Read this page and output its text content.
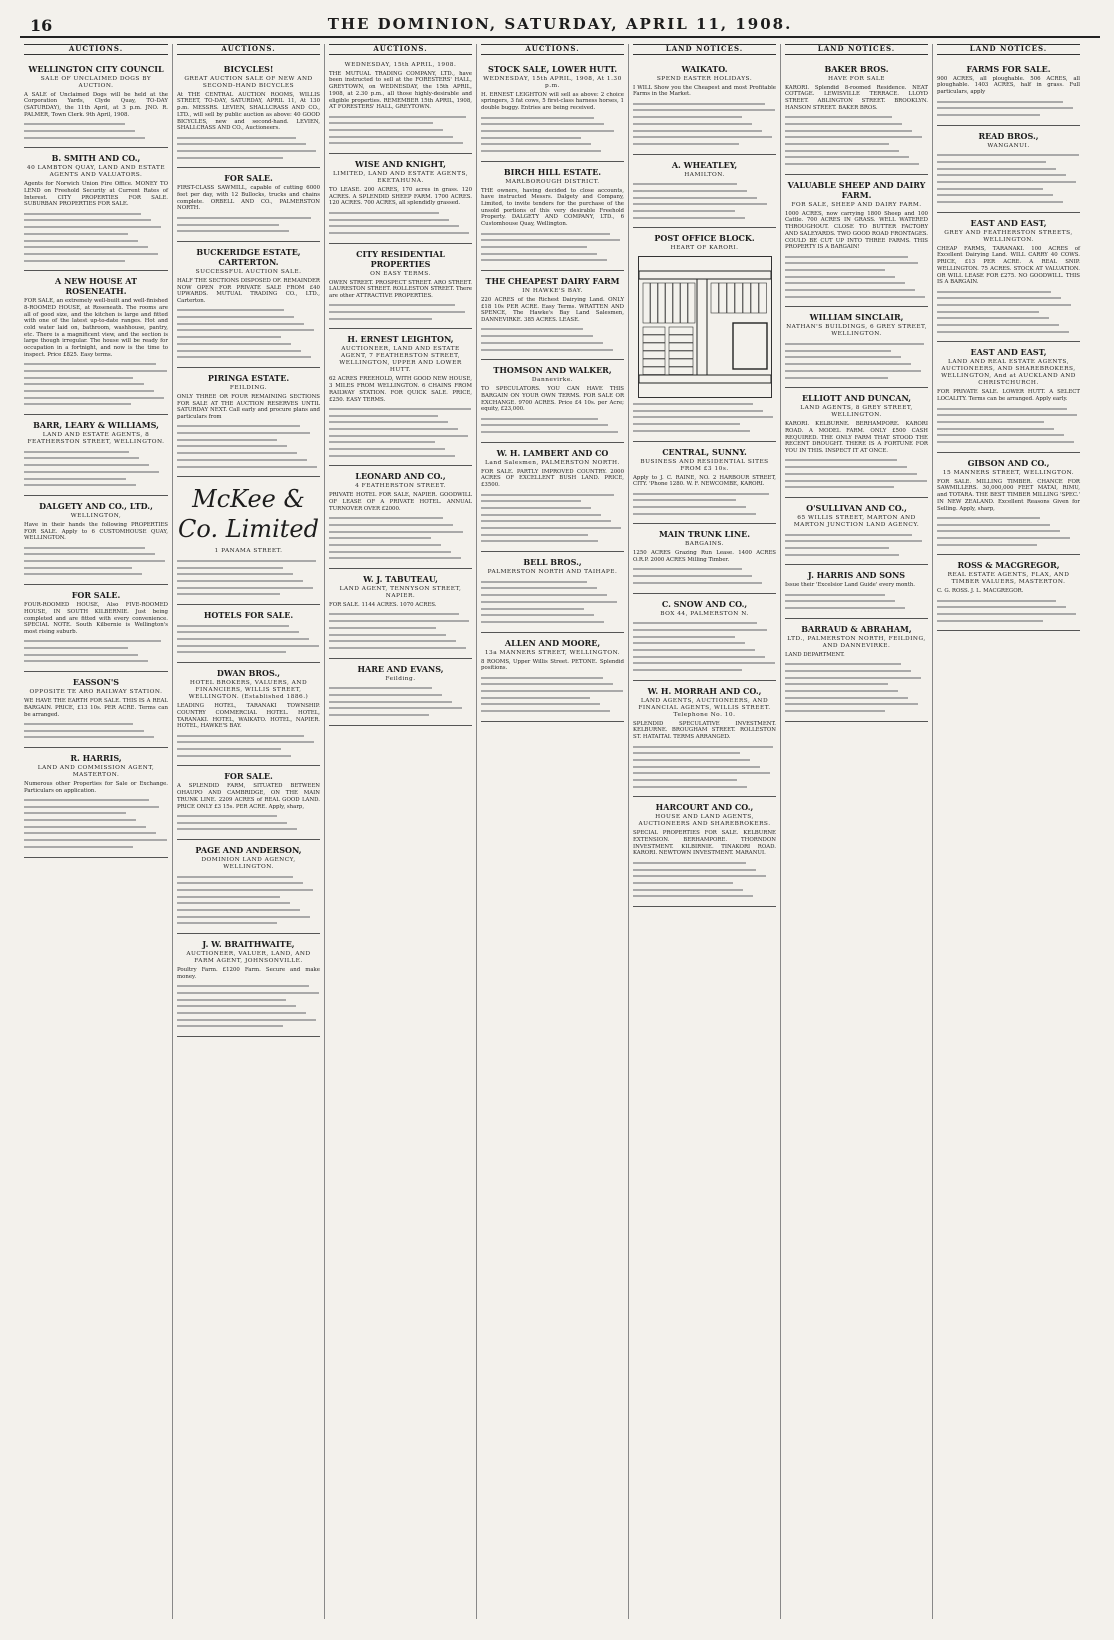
16	THE DOMINION, SATURDAY, APRIL 11, 1908.
AUCTIONS.
WELLINGTON CITY COUNCIL
SALE OF UNCLAIMED DOGS BY AUCTION.
A SALE of Unclaimed Dogs will be held at the Corporation Yards, Clyde Quay, TO-DAY (SATURDAY), the 11th April, at 3 p.m. JNO. R. PALMER, Town Clerk. 9th April, 1908.
B. SMITH AND CO.,
40 LAMBTON QUAY, LAND AND ESTATE AGENTS AND VALUATORS.
Agents for Norwich Union Fire Office. MONEY TO LEND on Freehold Security at Current Rates of Interest. CITY PROPERTIES FOR SALE. SUBURBAN PROPERTIES FOR SALE.
A NEW HOUSE AT ROSENEATH.
FOR SALE, an extremely well-built and well-finished 8-ROOMED HOUSE, at Roseneath. The rooms are all of good size, and the kitchen is large and fitted with one of the latest up-to-date ranges. Hot and cold water laid on, bathroom, washhouse, pantry, etc. There is a magnificent view, and the section is large though irregular. The house will be ready for occupation in a fortnight, and now is the time to inspect. Price £825. Easy terms.
BARR, LEARY & WILLIAMS,
LAND AND ESTATE AGENTS, 8 FEATHERSTON STREET, WELLINGTON.
DALGETY AND CO., LTD.,
WELLINGTON,
Have in their hands the following PROPERTIES FOR SALE. Apply to 6 CUSTOMHOUSE QUAY, WELLINGTON.
FOR SALE.
FOUR-ROOMED HOUSE, Also FIVE-ROOMED HOUSE, IN SOUTH KILBERNIE. Just being completed and are fitted with every convenience. SPECIAL NOTE. South Kilbernie is Wellington's most rising suburb.
EASSON'S
OPPOSITE TE ARO RAILWAY STATION.
WE HAVE THE EARTH FOR SALE. THIS IS A REAL BARGAIN. PRICE, £13 10s. PER ACRE. Terms can be arranged.
R. HARRIS,
LAND AND COMMISSION AGENT, MASTERTON.
Numerous other Properties for Sale or Exchange. Particulars on application.
AUCTIONS.
BICYCLES!
GREAT AUCTION SALE OF NEW AND SECOND-HAND BICYCLES
At THE CENTRAL AUCTION ROOMS, WILLIS STREET, TO-DAY, SATURDAY, APRIL 11, At 130 p.m. MESSRS. LEVIEN, SHALLCRASS AND CO., LTD., will sell by public auction as above: 40 GOOD BICYCLES, new and second-hand. LEVIEN, SHALLCRASS AND CO., Auctioneers.
FOR SALE.
FIRST-CLASS SAWMILL, capable of cutting 6000 feet per day, with 12 Bullocks, trucks and chains complete. ORBELL AND CO., PALMERSTON NORTH.
BUCKERIDGE ESTATE, CARTERTON.
SUCCESSFUL AUCTION SALE.
HALF THE SECTIONS DISPOSED OF. REMAINDER NOW OPEN FOR PRIVATE SALE FROM £40 UPWARDS. MUTUAL TRADING CO., LTD., Carterton.
PIRINGA ESTATE.
FEILDING.
ONLY THREE OR FOUR REMAINING SECTIONS FOR SALE AT THE AUCTION RESERVES UNTIL SATURDAY NEXT. Call early and procure plans and particulars from
McKee & Co. Limited
1 PANAMA STREET.
HOTELS FOR SALE.
DWAN BROS.,
HOTEL BROKERS, VALUERS, AND FINANCIERS, WILLIS STREET, WELLINGTON. (Established 1886.)
LEADING HOTEL, TARANAKI TOWNSHIP. COUNTRY COMMERCIAL HOTEL. HOTEL, TARANAKI. HOTEL, WAIKATO. HOTEL, NAPIER. HOTEL, HAWKE'S BAY.
FOR SALE.
A SPLENDID FARM, SITUATED BETWEEN OHAUPO AND CAMBRIDGE, ON THE MAIN TRUNK LINE. 2209 ACRES of REAL GOOD LAND. PRICE ONLY £3 15s. PER ACRE. Apply, sharp,
PAGE AND ANDERSON,
DOMINION LAND AGENCY, WELLINGTON.
J. W. BRAITHWAITE,
AUCTIONEER, VALUER, LAND, AND FARM AGENT, JOHNSONVILLE.
Poultry Farm. £1200 Farm. Secure and make money.
AUCTIONS.
WEDNESDAY, 15th APRIL, 1908.
THE MUTUAL TRADING COMPANY, LTD., have been instructed to sell at the FORESTERS' HALL, GREYTOWN, on WEDNESDAY, the 15th APRIL, 1908, at 2.30 p.m., all those highly-desirable and eligible properties. REMEMBER 15th APRIL, 1908, AT FORESTERS' HALL, GREYTOWN.
WISE AND KNIGHT,
LIMITED, LAND AND ESTATE AGENTS, EKETAHUNA.
TO LEASE. 200 ACRES, 170 acres in grass. 120 ACRES. A SPLENDID SHEEP FARM. 1700 ACRES. 120 ACRES. 700 ACRES, all splendidly grassed.
CITY RESIDENTIAL PROPERTIES
ON EASY TERMS.
OWEN STREET. PROSPECT STREET. ARO STREET. LAURESTON STREET. ROLLESTON STREET. There are other ATTRACTIVE PROPERTIES.
H. ERNEST LEIGHTON,
AUCTIONEER, LAND AND ESTATE AGENT, 7 FEATHERSTON STREET, WELLINGTON, UPPER AND LOWER HUTT.
62 ACRES FREEHOLD, WITH GOOD NEW HOUSE, 3 MILES FROM WELLINGTON. 6 CHAINS FROM RAILWAY STATION. FOR QUICK SALE. PRICE, £250. EASY TERMS.
LEONARD AND CO.,
4 FEATHERSTON STREET.
PRIVATE HOTEL FOR SALE, NAPIER. GOODWILL OF LEASE OF A PRIVATE HOTEL. ANNUAL TURNOVER OVER £2000.
W. J. TABUTEAU,
LAND AGENT, TENNYSON STREET, NAPIER.
FOR SALE. 1144 ACRES. 1070 ACRES.
HARE AND EVANS,
Feilding.
AUCTIONS.
STOCK SALE, LOWER HUTT.
WEDNESDAY, 15th APRIL, 1908, At 1.30 p.m.
H. ERNEST LEIGHTON will sell as above: 2 choice springers, 3 fat cows, 5 first-class harness horses, 1 double buggy. Entries are being received.
BIRCH HILL ESTATE.
MARLBOROUGH DISTRICT.
THE owners, having decided to close accounts, have instructed Messrs. Dalgety and Company, Limited, to invite tenders for the purchase of the unsold portions of this very desirable Freehold Property. DALGETY AND COMPANY, LTD., 6 Customhouse Quay, Wellington.
THE CHEAPEST DAIRY FARM
IN HAWKE'S BAY.
220 ACRES of the Richest Dairying Land. ONLY £18 10s PER ACRE. Easy Terms. WRATTEN AND SPENCE, The Hawke's Bay Land Salesmen, DANNEVIRKE. 385 ACRES. LEASE.
THOMSON AND WALKER,
Dannevirke.
TO SPECULATORS. YOU CAN HAVE THIS BARGAIN ON YOUR OWN TERMS. FOR SALE OR EXCHANGE. 9700 ACRES. Price £4 10s. per Acre; equity, £23,000.
W. H. LAMBERT AND CO
Land Salesmen, PALMERSTON NORTH.
FOR SALE. PARTLY IMPROVED COUNTRY. 2000 ACRES OF EXCELLENT BUSH LAND. PRICE, £3500.
BELL BROS.,
PALMERSTON NORTH AND TAIHAPE.
ALLEN AND MOORE,
13a MANNERS STREET, WELLINGTON.
8 ROOMS, Upper Willis Street. PETONE. Splendid positions.
LAND NOTICES.
WAIKATO.
SPEND EASTER HOLIDAYS.
I WILL Show you the Cheapest and most Profitable Farms in the Market.
A. WHEATLEY,
HAMILTON.
POST OFFICE BLOCK.
HEART OF KARORI.
CENTRAL, SUNNY.
BUSINESS AND RESIDENTIAL SITES FROM £3 10s.
Apply to J. C. RAINE, NO. 2 HARBOUR STREET, CITY. 'Phone 1280. W. F. NEWCOMBE, KARORI.
MAIN TRUNK LINE.
BARGAINS.
1250 ACRES Grazing Run Lease. 1400 ACRES O.R.P. 2000 ACRES Milling Timber.
C. SNOW AND CO.,
BOX 44, PALMERSTON N.
W. H. MORRAH AND CO.,
LAND AGENTS, AUCTIONEERS, AND FINANCIAL AGENTS, WILLIS STREET. Telephone No. 10.
SPLENDID SPECULATIVE INVESTMENT. KELBURNE. BROUGHAM STREET. ROLLESTON ST. HATAITAI. TERMS ARRANGED.
HARCOURT AND CO.,
HOUSE AND LAND AGENTS, AUCTIONEERS AND SHAREBROKERS.
SPECIAL PROPERTIES FOR SALE. KELBURNE EXTENSION. BERHAMPORE. THORNDON INVESTMENT. KILBIRNIE. TINAKORI ROAD. KARORI. NEWTOWN INVESTMENT. MARANUI.
LAND NOTICES.
BAKER BROS.
HAVE FOR SALE
KARORI. Splendid 8-roomed Residence. NEAT COTTAGE. LEWISVILLE TERRACE. LLOYD STREET. ABLINGTON STREET. BROOKLYN. HANSON STREET. BAKER BROS.
VALUABLE SHEEP AND DAIRY FARM.
FOR SALE, SHEEP AND DAIRY FARM.
1000 ACRES, now carrying 1800 Sheep and 100 Cattle. 700 ACRES IN GRASS. WELL WATERED THROUGHOUT. CLOSE TO BUTTER FACTORY AND SALEYARDS. TWO GOOD ROAD FRONTAGES. COULD BE CUT UP INTO THREE FARMS. THIS PROPERTY IS A BARGAIN!
WILLIAM SINCLAIR,
NATHAN'S BUILDINGS, 6 GREY STREET, WELLINGTON.
ELLIOTT AND DUNCAN,
LAND AGENTS, 8 GREY STREET, WELLINGTON.
KARORI. KELBURNE. BERHAMPORE. KARORI ROAD. A MODEL FARM. ONLY £500 CASH REQUIRED. THE ONLY FARM THAT STOOD THE RECENT DROUGHT. THERE IS A FORTUNE FOR YOU IN THIS. INSPECT IT AT ONCE.
O'SULLIVAN AND CO.,
65 WILLIS STREET, MARTON AND MARTON JUNCTION LAND AGENCY.
J. HARRIS AND SONS
Issue their 'Excelsior Land Guide' every month.
BARRAUD & ABRAHAM,
LTD., PALMERSTON NORTH, FEILDING, AND DANNEVIRKE.
LAND DEPARTMENT.
LAND NOTICES.
FARMS FOR SALE.
900 ACRES, all ploughable. 506 ACRES, all ploughable. 1403 ACRES, half in grass. Full particulars, apply
READ BROS.,
WANGANUI.
EAST AND EAST,
GREY AND FEATHERSTON STREETS, WELLINGTON.
CHEAP FARMS, TARANAKI. 100 ACRES of Excellent Dairying Land. WILL CARRY 40 COWS. PRICE, £13 PER ACRE. A REAL SNIP. WELLINGTON. 75 ACRES. STOCK AT VALUATION. OR WILL LEASE FOR £275. NO GOODWILL. THIS IS A BARGAIN.
EAST AND EAST,
LAND AND REAL ESTATE AGENTS, AUCTIONEERS, AND SHAREBROKERS, WELLINGTON, And at AUCKLAND AND CHRISTCHURCH.
FOR PRIVATE SALE. LOWER HUTT. A SELECT LOCALITY. Terms can be arranged. Apply early.
GIBSON AND CO.,
15 MANNERS STREET, WELLINGTON.
FOR SALE. MILLING TIMBER. CHANCE FOR SAWMILLERS. 30,000,000 FEET MATAI, RIMU, and TOTARA. THE BEST TIMBER MILLING 'SPEC.' IN NEW ZEALAND. Excellent Reasons Given for Selling. Apply, sharp,
ROSS & MACGREGOR,
REAL ESTATE AGENTS, FLAX, AND TIMBER VALUERS, MASTERTON.
C. G. ROSS. J. L. MACGREGOR.
